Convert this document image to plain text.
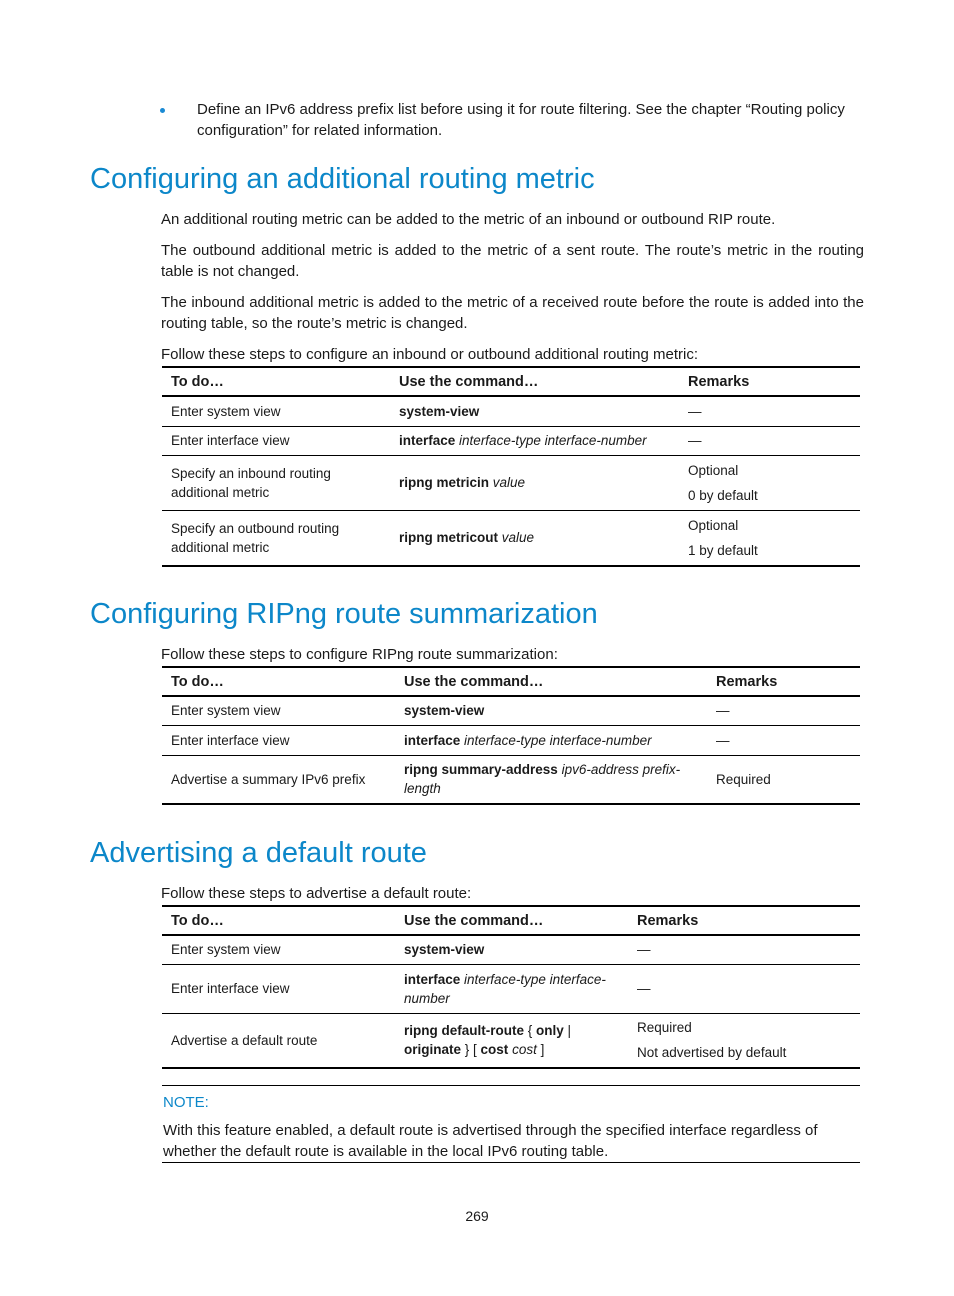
Define an IPv6 address prefix list before using it for route filtering. See the chapter “Routing policy configuration” for related information.
Configuring an additional routing metric

An additional routing metric can be added to the metric of an inbound or outbound RIP route.

The outbound additional metric is added to the metric of a sent route. The route’s metric in the routing table is not changed.

The inbound additional metric is added to the metric of a received route before the route is added into the routing table, so the route’s metric is changed.

Follow these steps to configure an inbound or outbound additional routing metric:

To do…	Use the command…	Remarks
Enter system view	system-view	—
Enter interface view	interface interface-type interface-number	—
Specify an inbound routing additional metric	ripng metricin value	Optional
0 by default

Specify an outbound routing additional metric	ripng metricout value	Optional
1 by default
Configuring RIPng route summarization

Follow these steps to configure RIPng route summarization:

To do…	Use the command…	Remarks
Enter system view	system-view	—
Enter interface view	interface interface-type interface-number	—
Advertise a summary IPv6 prefix	ripng summary-address ipv6-address prefix-length	Required
Advertising a default route

Follow these steps to advertise a default route:

To do…	Use the command…	Remarks
Enter system view	system-view	—
Enter interface view	interface interface-type interface-number	—
Advertise a default route	ripng default-route { only | originate } [ cost cost ]	Required
Not advertised by default
NOTE:
With this feature enabled, a default route is advertised through the specified interface regardless of whether the default route is available in the local IPv6 routing table.
269
